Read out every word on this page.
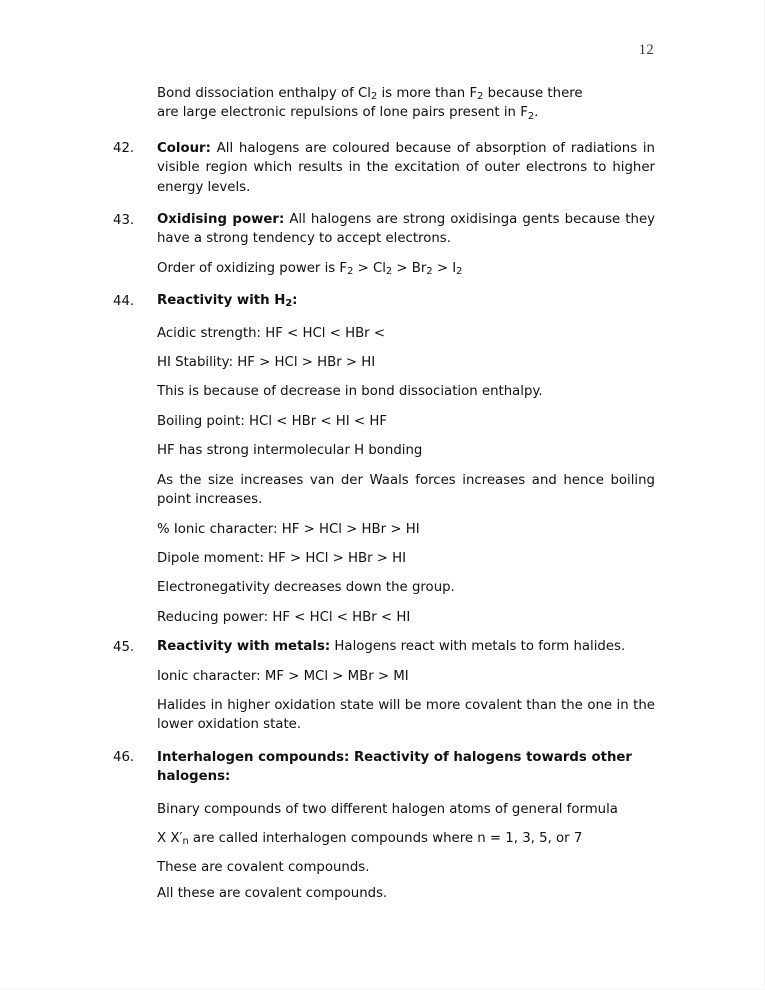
12

Bond dissociation enthalpy of $Cl_2$ is more than $F_2$ because there

are large electronic repulsions of lone pairs present in $F_2$.

42.	Colour: All halogens are coloured because of absorption of radiations in visible region which results in the excitation of outer electrons to higher energy levels.

43.	Oxidising power: All halogens are strong oxidisinga gents because they have a strong tendency to accept electrons.

Order of oxidizing power is $F_2 > Cl_2 > Br_2 > I_2$

44.	Reactivity with $H_2$:

Acidic strength: HF < HCl < HBr <

HI Stability: HF > HCl > HBr > HI

This is because of decrease in bond dissociation enthalpy.

Boiling point: HCl < HBr < HI < HF

HF has strong intermolecular H bonding

As the size increases van der Waals forces increases and hence boiling point increases.

% Ionic character: HF > HCl > HBr > HI

Dipole moment: HF > HCl > HBr > HI

Electronegativity decreases down the group.

Reducing power: HF < HCl < HBr < HI

45.	Reactivity with metals: Halogens react with metals to form halides.

Ionic character: MF > MCl > MBr > MI

Halides in higher oxidation state will be more covalent than the one in the lower oxidation state.

46.	Interhalogen compounds: Reactivity of halogens towards other halogens:

Binary compounds of two different halogen atoms of general formula

X $X'_n$ are called interhalogen compounds where n = 1, 3, 5, or 7

These are covalent compounds.

All these are covalent compounds.
